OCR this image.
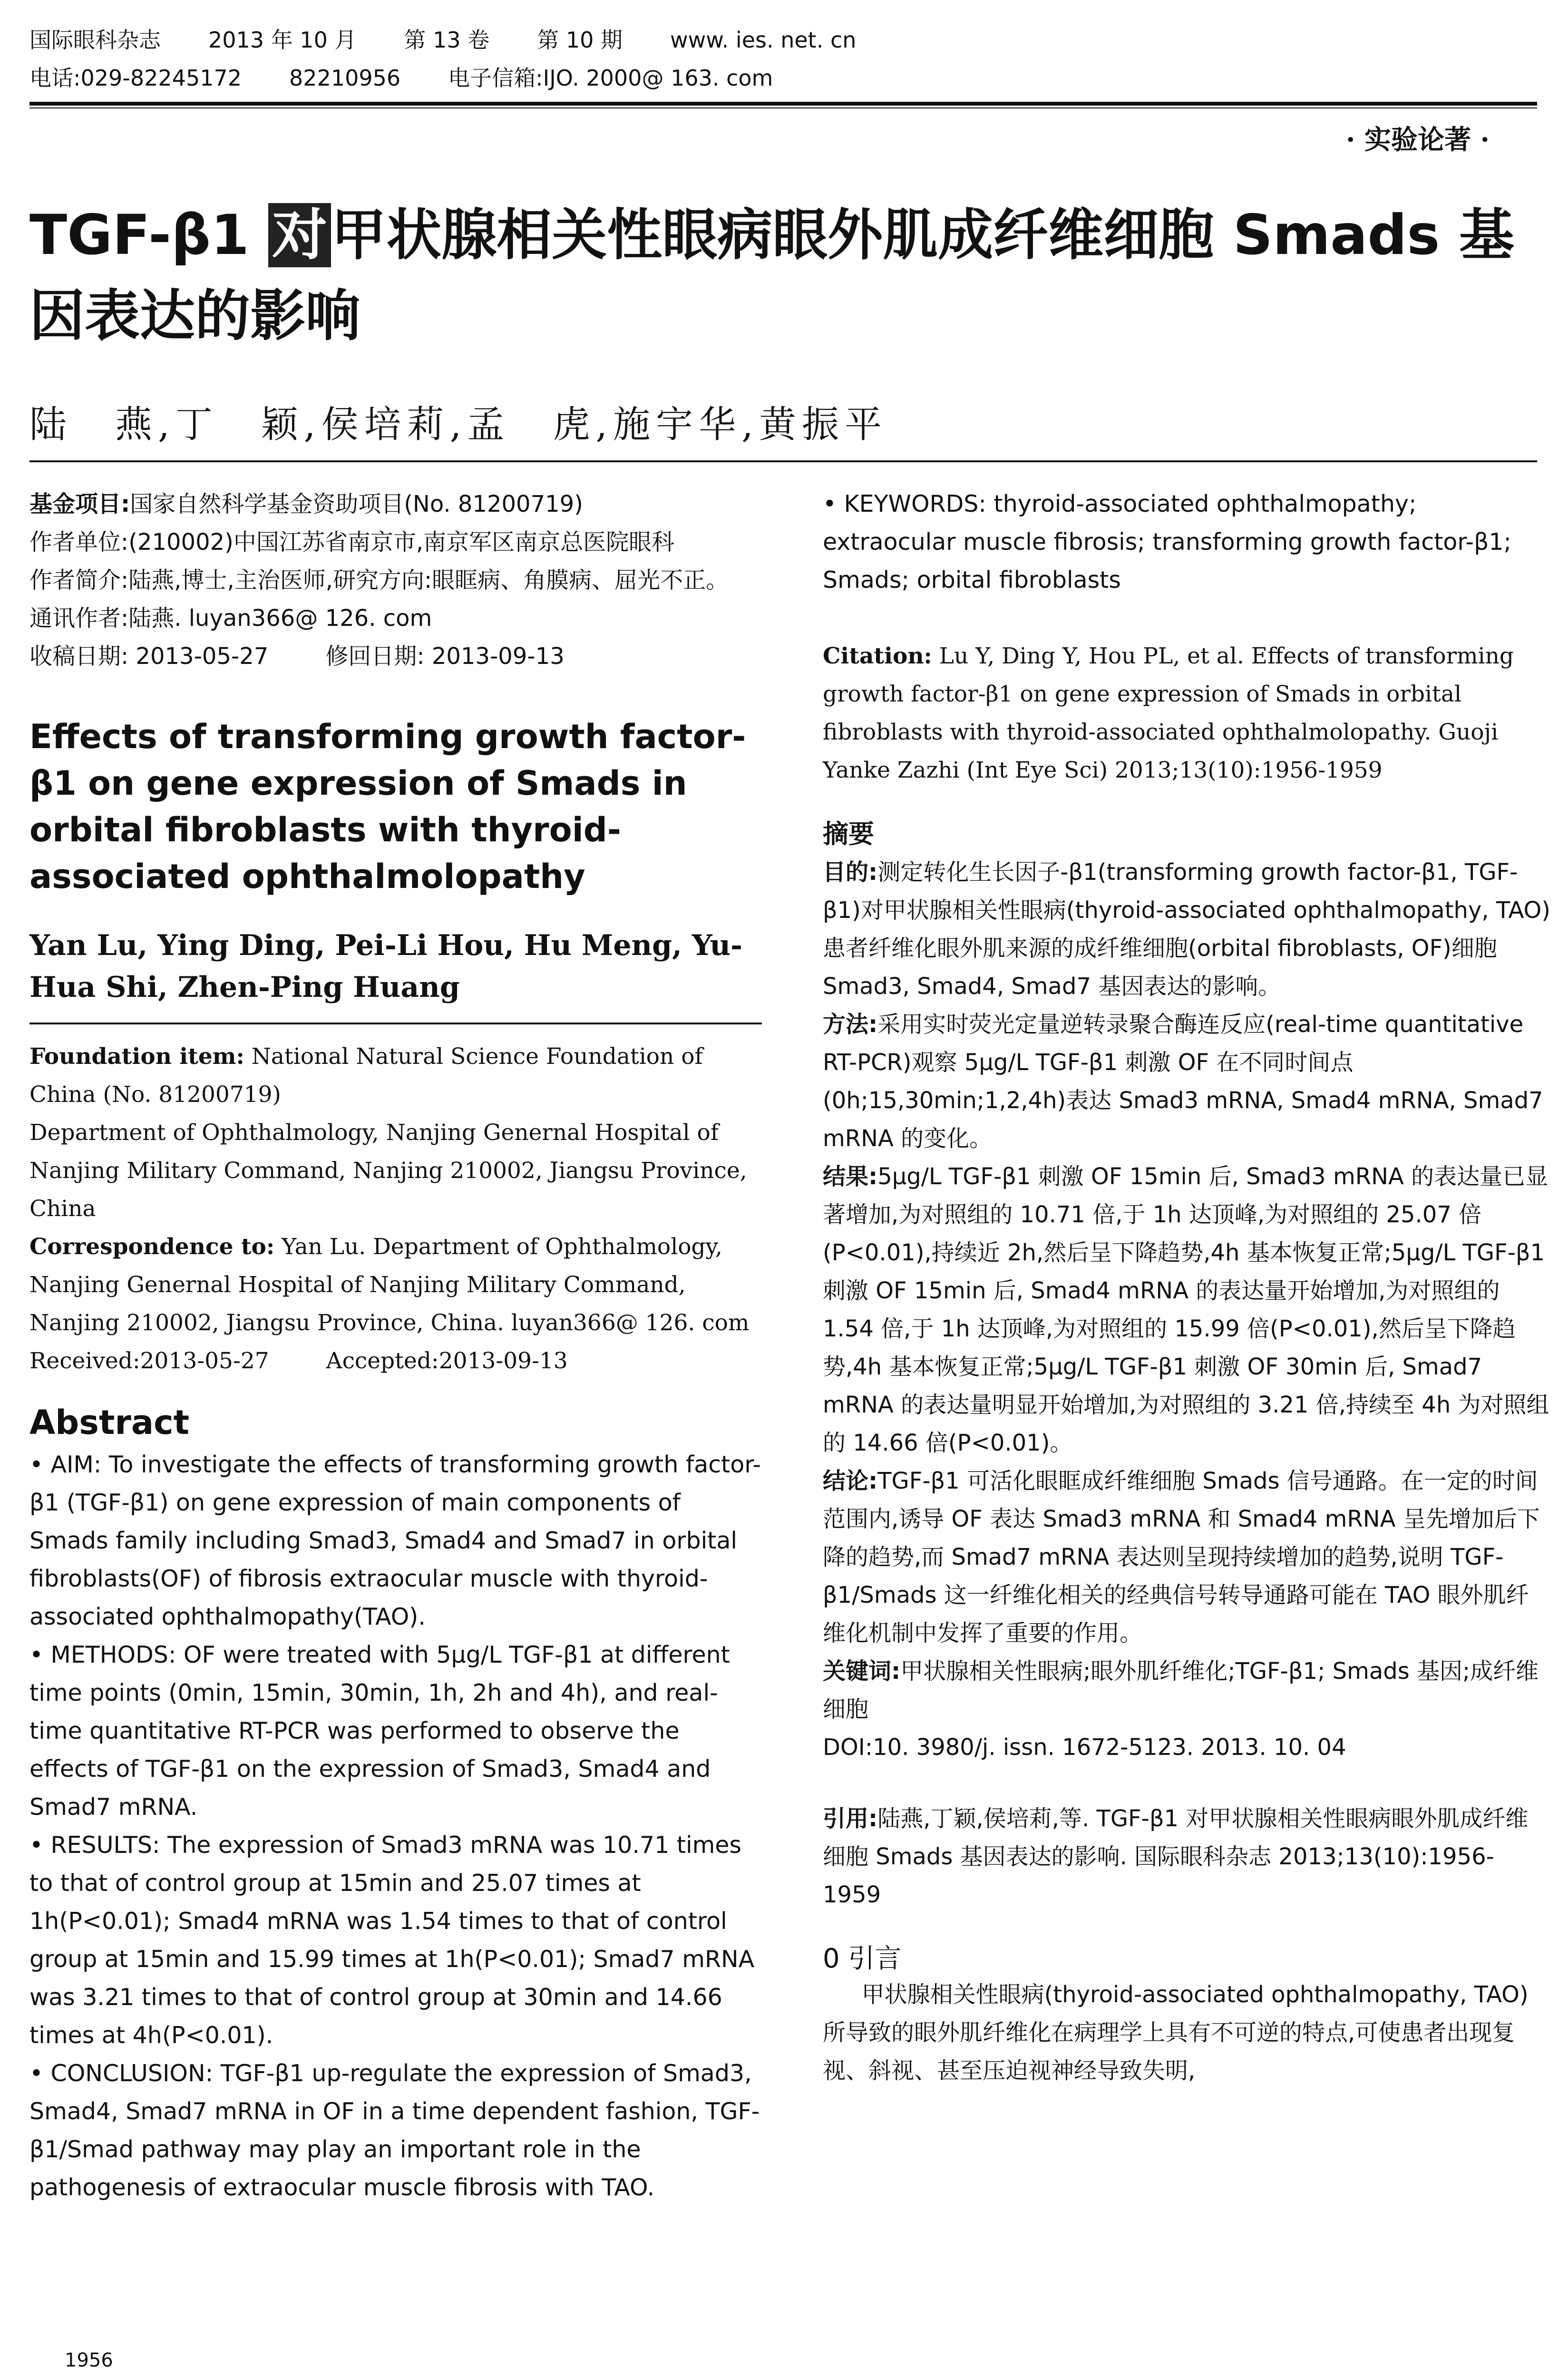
国际眼科杂志 2013 年 10 月 第 13 卷 第 10 期 www. ies. net. cn
电话:029-82245172 82210956 电子信箱:IJO. 2000@ 163. com
· 实验论著 ·
TGF-β1 对甲状腺相关性眼病眼外肌成纤维细胞 Smads 基因表达的影响
陆　燕,丁　颖,侯培莉,孟　虎,施宇华,黄振平

基金项目:国家自然科学基金资助项目(No. 81200719)

作者单位:(210002)中国江苏省南京市,南京军区南京总医院眼科

作者简介:陆燕,博士,主治医师,研究方向:眼眶病、角膜病、屈光不正。

通讯作者:陆燕. luyan366@ 126. com

收稿日期: 2013-05-27	修回日期: 2013-09-13

Effects of transforming growth factor-β1 on gene expression of Smads in orbital fibroblasts with thyroid-associated ophthalmolopathy

Yan Lu, Ying Ding, Pei-Li Hou, Hu Meng, Yu-Hua Shi, Zhen-Ping Huang

Foundation item: National Natural Science Foundation of China (No. 81200719)

Department of Ophthalmology, Nanjing Genernal Hospital of Nanjing Military Command, Nanjing 210002, Jiangsu Province, China

Correspondence to: Yan Lu. Department of Ophthalmology, Nanjing Genernal Hospital of Nanjing Military Command, Nanjing 210002, Jiangsu Province, China. luyan366@ 126. com

Received:2013-05-27	Accepted:2013-09-13

Abstract

• AIM: To investigate the effects of transforming growth factor-β1 (TGF-β1) on gene expression of main components of Smads family including Smad3, Smad4 and Smad7 in orbital fibroblasts(OF) of fibrosis extraocular muscle with thyroid-associated ophthalmopathy(TAO).

• METHODS: OF were treated with 5μg/L TGF-β1 at different time points (0min, 15min, 30min, 1h, 2h and 4h), and real-time quantitative RT-PCR was performed to observe the effects of TGF-β1 on the expression of Smad3, Smad4 and Smad7 mRNA.

• RESULTS: The expression of Smad3 mRNA was 10.71 times to that of control group at 15min and 25.07 times at 1h(P<0.01); Smad4 mRNA was 1.54 times to that of control group at 15min and 15.99 times at 1h(P<0.01); Smad7 mRNA was 3.21 times to that of control group at 30min and 14.66 times at 4h(P<0.01).

• CONCLUSION: TGF-β1 up-regulate the expression of Smad3, Smad4, Smad7 mRNA in OF in a time dependent fashion, TGF-β1/Smad pathway may play an important role in the pathogenesis of extraocular muscle fibrosis with TAO.

• KEYWORDS: thyroid-associated ophthalmopathy; extraocular muscle fibrosis; transforming growth factor-β1; Smads; orbital fibroblasts

Citation: Lu Y, Ding Y, Hou PL, et al. Effects of transforming growth factor-β1 on gene expression of Smads in orbital fibroblasts with thyroid-associated ophthalmolopathy. Guoji Yanke Zazhi (Int Eye Sci) 2013;13(10):1956-1959

摘要

目的:测定转化生长因子-β1(transforming growth factor-β1, TGF-β1)对甲状腺相关性眼病(thyroid-associated ophthalmopathy, TAO)患者纤维化眼外肌来源的成纤维细胞(orbital fibroblasts, OF)细胞 Smad3, Smad4, Smad7 基因表达的影响。

方法:采用实时荧光定量逆转录聚合酶连反应(real-time quantitative RT-PCR)观察 5μg/L TGF-β1 刺激 OF 在不同时间点(0h;15,30min;1,2,4h)表达 Smad3 mRNA, Smad4 mRNA, Smad7 mRNA 的变化。

结果:5μg/L TGF-β1 刺激 OF 15min 后, Smad3 mRNA 的表达量已显著增加,为对照组的 10.71 倍,于 1h 达顶峰,为对照组的 25.07 倍(P<0.01),持续近 2h,然后呈下降趋势,4h 基本恢复正常;5μg/L TGF-β1 刺激 OF 15min 后, Smad4 mRNA 的表达量开始增加,为对照组的 1.54 倍,于 1h 达顶峰,为对照组的 15.99 倍(P<0.01),然后呈下降趋势,4h 基本恢复正常;5μg/L TGF-β1 刺激 OF 30min 后, Smad7 mRNA 的表达量明显开始增加,为对照组的 3.21 倍,持续至 4h 为对照组的 14.66 倍(P<0.01)。

结论:TGF-β1 可活化眼眶成纤维细胞 Smads 信号通路。在一定的时间范围内,诱导 OF 表达 Smad3 mRNA 和 Smad4 mRNA 呈先增加后下降的趋势,而 Smad7 mRNA 表达则呈现持续增加的趋势,说明 TGF-β1/Smads 这一纤维化相关的经典信号转导通路可能在 TAO 眼外肌纤维化机制中发挥了重要的作用。

关键词:甲状腺相关性眼病;眼外肌纤维化;TGF-β1; Smads 基因;成纤维细胞

DOI:10. 3980/j. issn. 1672-5123. 2013. 10. 04

引用:陆燕,丁颖,侯培莉,等. TGF-β1 对甲状腺相关性眼病眼外肌成纤维细胞 Smads 基因表达的影响. 国际眼科杂志 2013;13(10):1956-1959

0 引言

甲状腺相关性眼病(thyroid-associated ophthalmopathy, TAO)所导致的眼外肌纤维化在病理学上具有不可逆的特点,可使患者出现复视、斜视、甚至压迫视神经导致失明,

1956
